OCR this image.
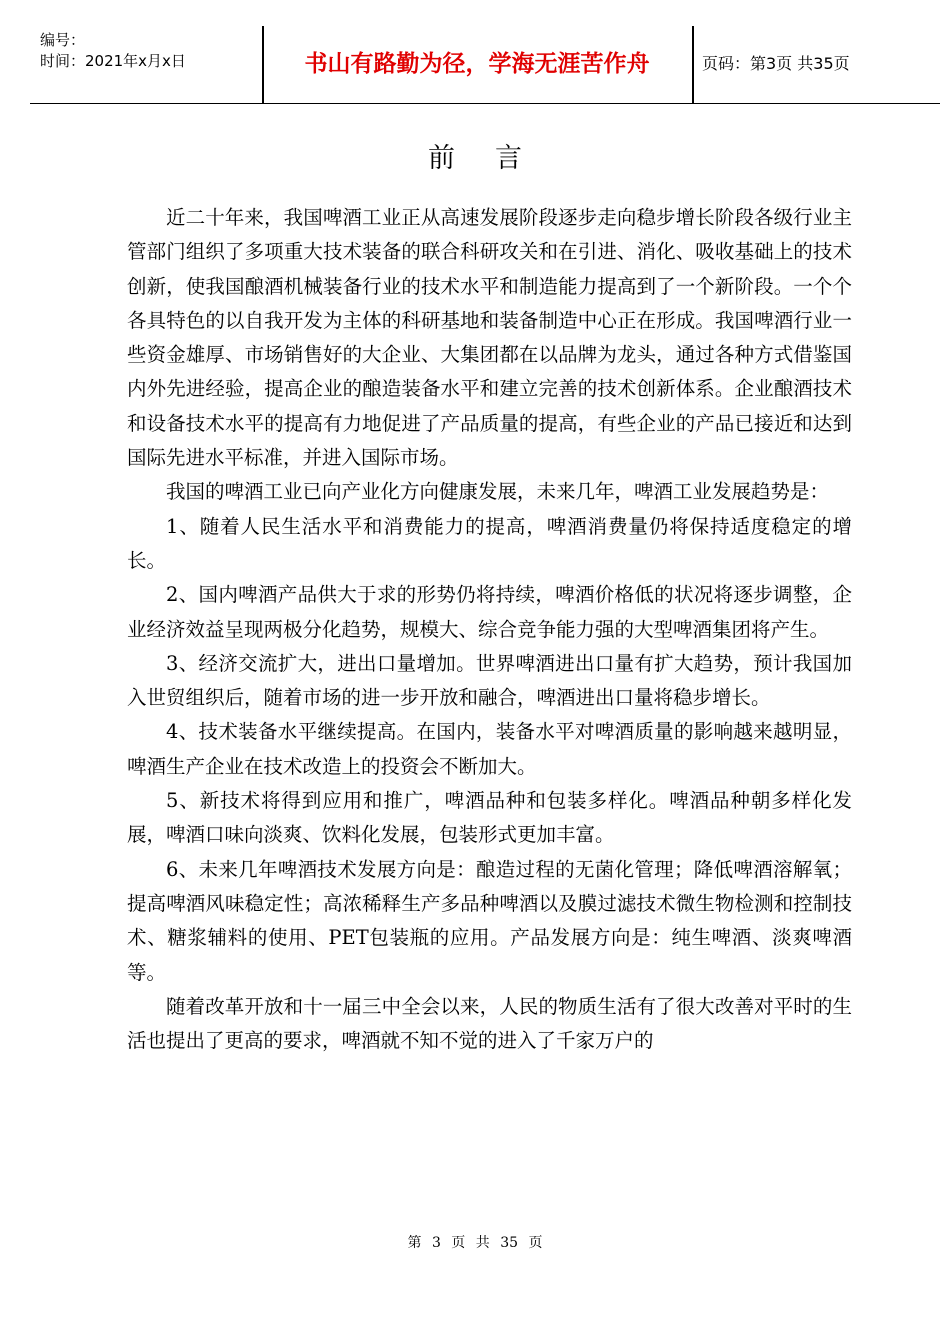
编号：
时间：2021年x月x日	书山有路勤为径，学海无涯苦作舟	页码：第3页 共35页
前言

近二十年来，我国啤酒工业正从高速发展阶段逐步走向稳步增长阶段各级行业主管部门组织了多项重大技术装备的联合科研攻关和在引进、消化、吸收基础上的技术创新，使我国酿酒机械装备行业的技术水平和制造能力提高到了一个新阶段。一个个各具特色的以自我开发为主体的科研基地和装备制造中心正在形成。我国啤酒行业一些资金雄厚、市场销售好的大企业、大集团都在以品牌为龙头，通过各种方式借鉴国内外先进经验，提高企业的酿造装备水平和建立完善的技术创新体系。企业酿酒技术和设备技术水平的提高有力地促进了产品质量的提高，有些企业的产品已接近和达到国际先进水平标准，并进入国际市场。

我国的啤酒工业已向产业化方向健康发展，未来几年，啤酒工业发展趋势是：

1、随着人民生活水平和消费能力的提高，啤酒消费量仍将保持适度稳定的增长。

2、国内啤酒产品供大于求的形势仍将持续，啤酒价格低的状况将逐步调整，企业经济效益呈现两极分化趋势，规模大、综合竞争能力强的大型啤酒集团将产生。

3、经济交流扩大，进出口量增加。世界啤酒进出口量有扩大趋势，预计我国加入世贸组织后，随着市场的进一步开放和融合，啤酒进出口量将稳步增长。

4、技术装备水平继续提高。在国内，装备水平对啤酒质量的影响越来越明显，啤酒生产企业在技术改造上的投资会不断加大。

5、新技术将得到应用和推广，啤酒品种和包装多样化。啤酒品种朝多样化发展，啤酒口味向淡爽、饮料化发展，包装形式更加丰富。

6、未来几年啤酒技术发展方向是：酿造过程的无菌化管理；降低啤酒溶解氧；提高啤酒风味稳定性；高浓稀释生产多品种啤酒以及膜过滤技术微生物检测和控制技术、糖浆辅料的使用、PET包装瓶的应用。产品发展方向是：纯生啤酒、淡爽啤酒等。

随着改革开放和十一届三中全会以来，人民的物质生活有了很大改善对平时的生活也提出了更高的要求，啤酒就不知不觉的进入了千家万户的

第 3 页 共 35 页
